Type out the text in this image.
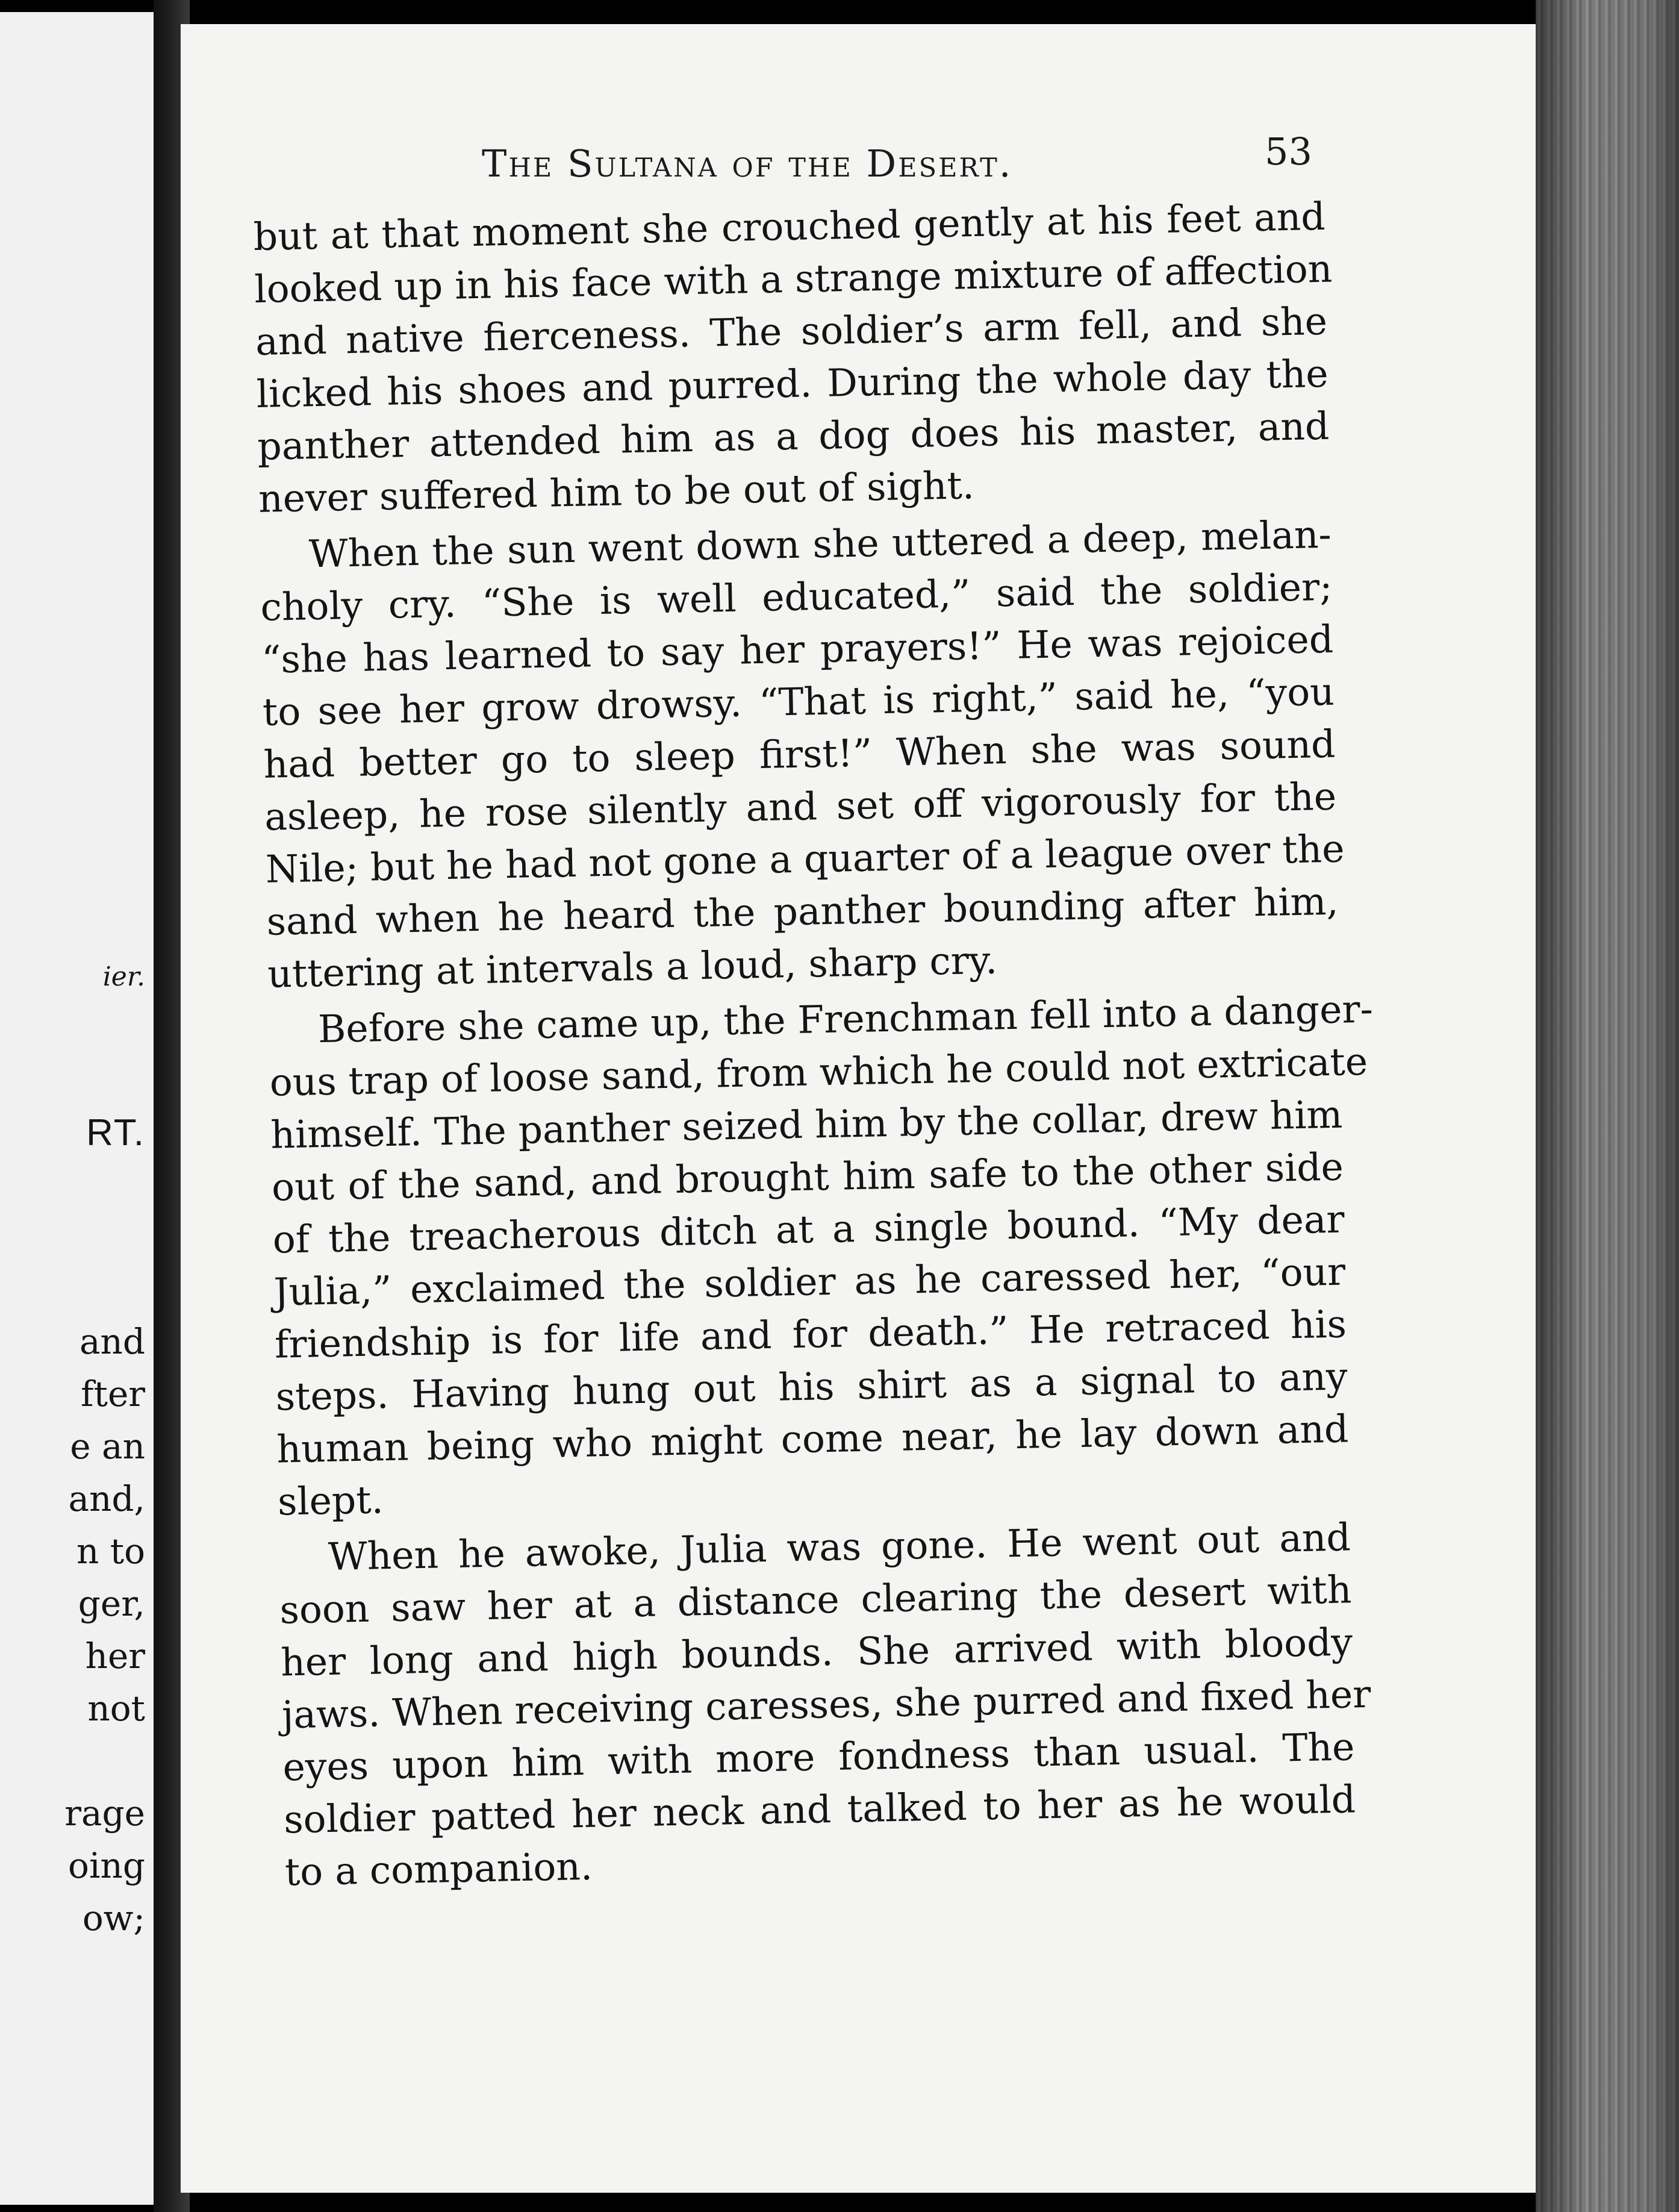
ier.
RT.
and
fter
e an
and,
n to
ger,
her
not
rage
oing
ow;
The Sultana of the Desert.	53
but at that moment she crouched gently at his feet and
looked up in his face with a strange mixture of affection
and native fierceness. The soldier’s arm fell, and she
licked his shoes and purred. During the whole day the
panther attended him as a dog does his master, and
never suffered him to be out of sight.
When the sun went down she uttered a deep, melan-
choly cry. “She is well educated,” said the soldier;
“she has learned to say her prayers!” He was rejoiced
to see her grow drowsy. “That is right,” said he, “you
had better go to sleep first!” When she was sound
asleep, he rose silently and set off vigorously for the
Nile; but he had not gone a quarter of a league over the
sand when he heard the panther bounding after him,
uttering at intervals a loud, sharp cry.
Before she came up, the Frenchman fell into a danger-
ous trap of loose sand, from which he could not extricate
himself. The panther seized him by the collar, drew him
out of the sand, and brought him safe to the other side
of the treacherous ditch at a single bound. “My dear
Julia,” exclaimed the soldier as he caressed her, “our
friendship is for life and for death.” He retraced his
steps. Having hung out his shirt as a signal to any
human being who might come near, he lay down and
slept.
When he awoke, Julia was gone. He went out and
soon saw her at a distance clearing the desert with
her long and high bounds. She arrived with bloody
jaws. When receiving caresses, she purred and fixed her
eyes upon him with more fondness than usual. The
soldier patted her neck and talked to her as he would
to a companion.
